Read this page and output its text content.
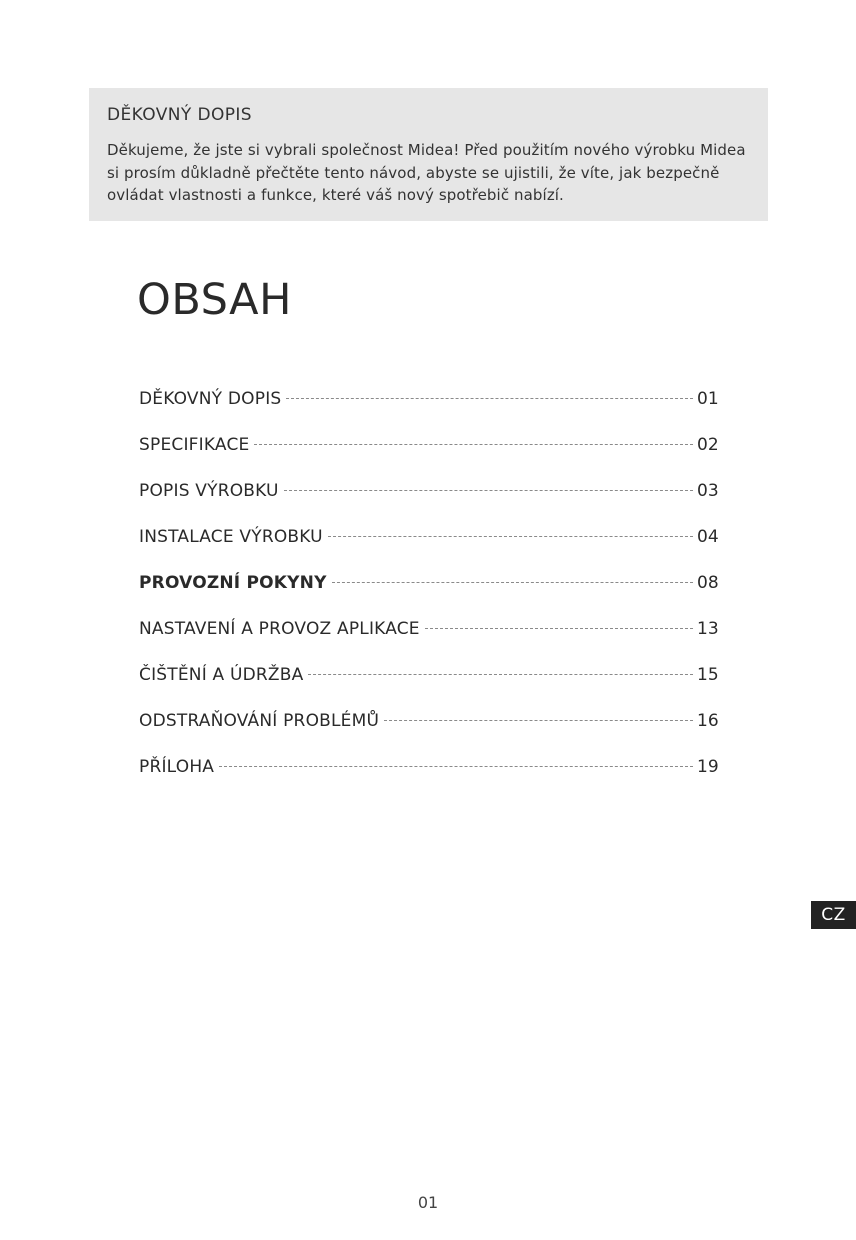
DĚKOVNÝ DOPIS

Děkujeme, že jste si vybrali společnost Midea! Před použitím nového výrobku Midea si prosím důkladně přečtěte tento návod, abyste se ujistili, že víte, jak bezpečně ovládat vlastnosti a funkce, které váš nový spotřebič nabízí.

OBSAH
DĚKOVNÝ DOPIS	01
SPECIFIKACE	02
POPIS VÝROBKU	03
INSTALACE VÝROBKU	04
PROVOZNÍ POKYNY	08
NASTAVENÍ A PROVOZ APLIKACE	13
ČIŠTĚNÍ A ÚDRŽBA	15
ODSTRAŇOVÁNÍ PROBLÉMŮ	16
PŘÍLOHA	19
CZ
01
